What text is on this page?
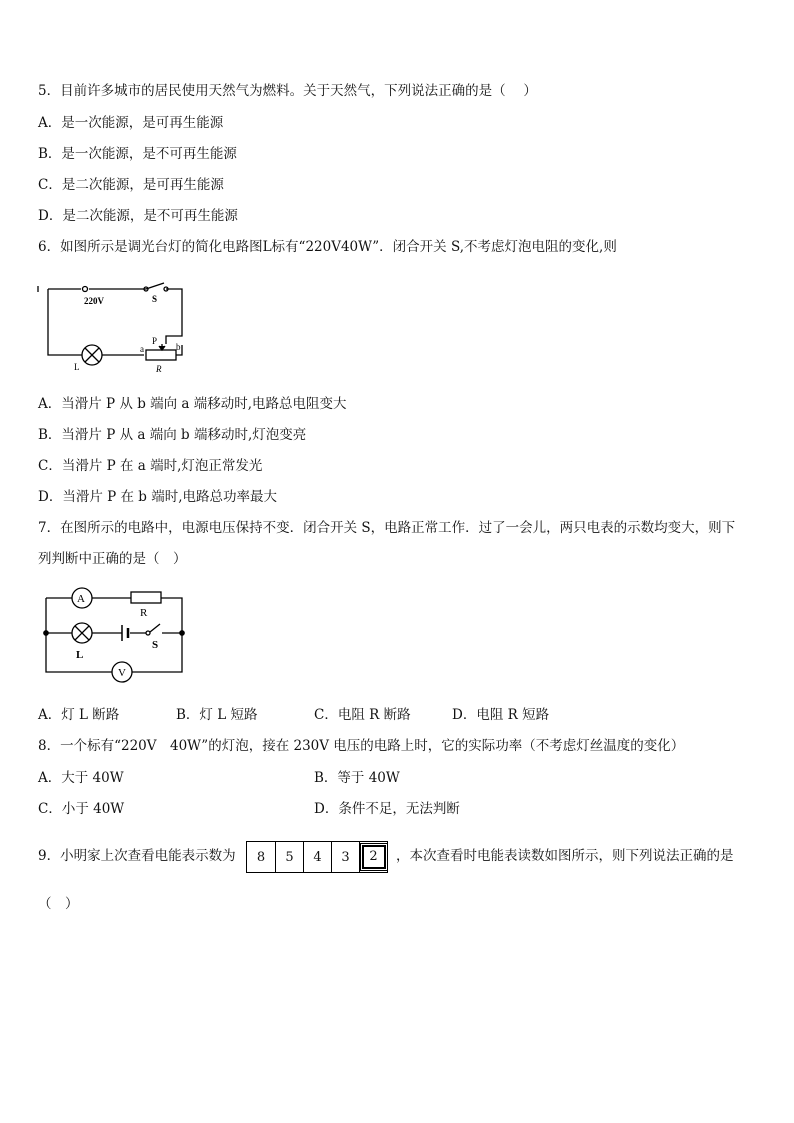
5．目前许多城市的居民使用天然气为燃料。关于天然气，下列说法正确的是（　 ）
A．是一次能源，是可再生能源
B．是一次能源，是不可再生能源
C．是二次能源，是可再生能源
D．是二次能源，是不可再生能源
6．如图所示是调光台灯的简化电路图L标有“220V40W”．闭合开关 S,不考虑灯泡电阻的变化,则
220V	S
L
P
a	b
R
A．当滑片 P 从 b 端向 a 端移动时,电路总电阻变大
B．当滑片 P 从 a 端向 b 端移动时,灯泡变亮
C．当滑片 P 在 a 端时,灯泡正常发光
D．当滑片 P 在 b 端时,电路总功率最大
7．在图所示的电路中，电源电压保持不变．闭合开关 S，电路正常工作．过了一会儿，两只电表的示数均变大，则下
列判断中正确的是（　）
A
R
L
S
V
A．灯 L 断路	B．灯 L 短路	C．电阻 R 断路	D．电阻 R 短路
8．一个标有“220V　40W”的灯泡，接在 230V 电压的电路上时，它的实际功率（不考虑灯丝温度的变化）
A．大于 40W	B．等于 40W
C．小于 40W	D．条件不足，无法判断
9．小明家上次查看电能表示数为	8	5	4	3	2	，本次查看时电能表读数如图所示，则下列说法正确的是
（　）
